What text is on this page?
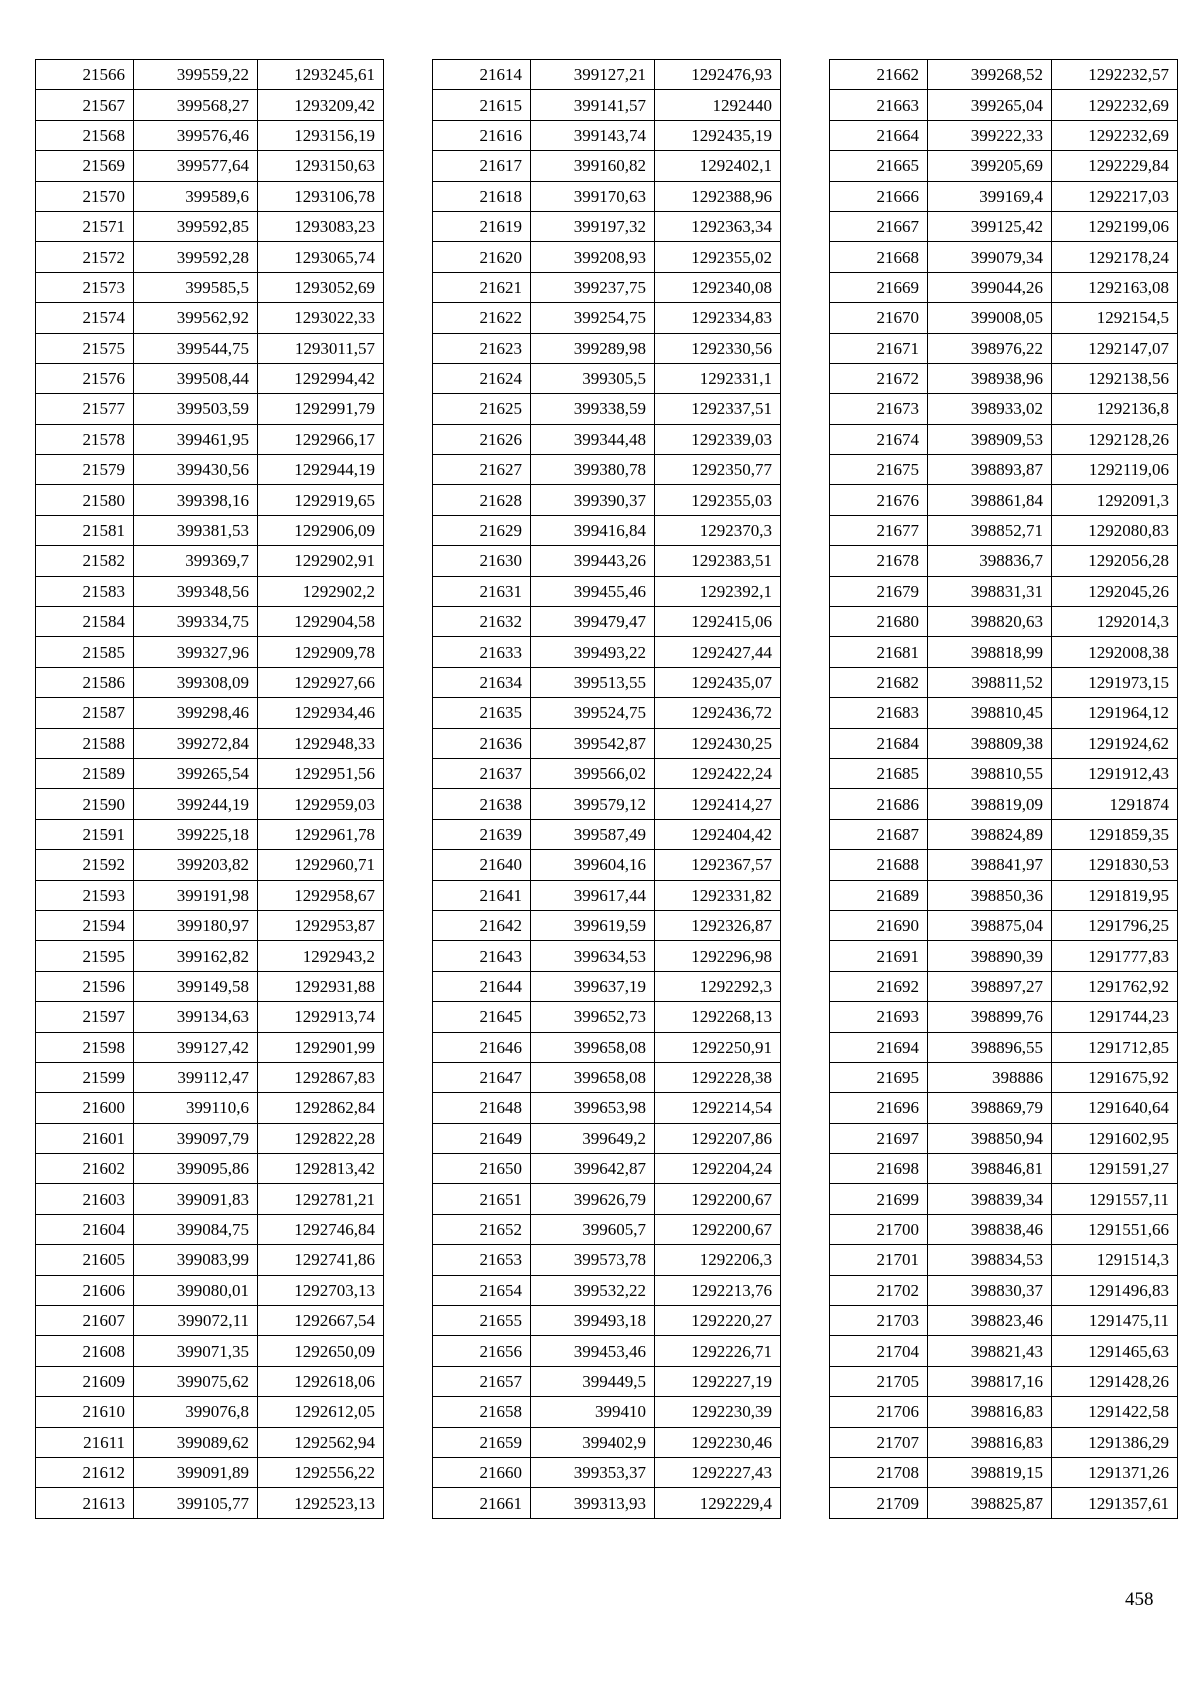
21566	399559,22	1293245,61
21567	399568,27	1293209,42
21568	399576,46	1293156,19
21569	399577,64	1293150,63
21570	399589,6	1293106,78
21571	399592,85	1293083,23
21572	399592,28	1293065,74
21573	399585,5	1293052,69
21574	399562,92	1293022,33
21575	399544,75	1293011,57
21576	399508,44	1292994,42
21577	399503,59	1292991,79
21578	399461,95	1292966,17
21579	399430,56	1292944,19
21580	399398,16	1292919,65
21581	399381,53	1292906,09
21582	399369,7	1292902,91
21583	399348,56	1292902,2
21584	399334,75	1292904,58
21585	399327,96	1292909,78
21586	399308,09	1292927,66
21587	399298,46	1292934,46
21588	399272,84	1292948,33
21589	399265,54	1292951,56
21590	399244,19	1292959,03
21591	399225,18	1292961,78
21592	399203,82	1292960,71
21593	399191,98	1292958,67
21594	399180,97	1292953,87
21595	399162,82	1292943,2
21596	399149,58	1292931,88
21597	399134,63	1292913,74
21598	399127,42	1292901,99
21599	399112,47	1292867,83
21600	399110,6	1292862,84
21601	399097,79	1292822,28
21602	399095,86	1292813,42
21603	399091,83	1292781,21
21604	399084,75	1292746,84
21605	399083,99	1292741,86
21606	399080,01	1292703,13
21607	399072,11	1292667,54
21608	399071,35	1292650,09
21609	399075,62	1292618,06
21610	399076,8	1292612,05
21611	399089,62	1292562,94
21612	399091,89	1292556,22
21613	399105,77	1292523,13
21614	399127,21	1292476,93
21615	399141,57	1292440
21616	399143,74	1292435,19
21617	399160,82	1292402,1
21618	399170,63	1292388,96
21619	399197,32	1292363,34
21620	399208,93	1292355,02
21621	399237,75	1292340,08
21622	399254,75	1292334,83
21623	399289,98	1292330,56
21624	399305,5	1292331,1
21625	399338,59	1292337,51
21626	399344,48	1292339,03
21627	399380,78	1292350,77
21628	399390,37	1292355,03
21629	399416,84	1292370,3
21630	399443,26	1292383,51
21631	399455,46	1292392,1
21632	399479,47	1292415,06
21633	399493,22	1292427,44
21634	399513,55	1292435,07
21635	399524,75	1292436,72
21636	399542,87	1292430,25
21637	399566,02	1292422,24
21638	399579,12	1292414,27
21639	399587,49	1292404,42
21640	399604,16	1292367,57
21641	399617,44	1292331,82
21642	399619,59	1292326,87
21643	399634,53	1292296,98
21644	399637,19	1292292,3
21645	399652,73	1292268,13
21646	399658,08	1292250,91
21647	399658,08	1292228,38
21648	399653,98	1292214,54
21649	399649,2	1292207,86
21650	399642,87	1292204,24
21651	399626,79	1292200,67
21652	399605,7	1292200,67
21653	399573,78	1292206,3
21654	399532,22	1292213,76
21655	399493,18	1292220,27
21656	399453,46	1292226,71
21657	399449,5	1292227,19
21658	399410	1292230,39
21659	399402,9	1292230,46
21660	399353,37	1292227,43
21661	399313,93	1292229,4
21662	399268,52	1292232,57
21663	399265,04	1292232,69
21664	399222,33	1292232,69
21665	399205,69	1292229,84
21666	399169,4	1292217,03
21667	399125,42	1292199,06
21668	399079,34	1292178,24
21669	399044,26	1292163,08
21670	399008,05	1292154,5
21671	398976,22	1292147,07
21672	398938,96	1292138,56
21673	398933,02	1292136,8
21674	398909,53	1292128,26
21675	398893,87	1292119,06
21676	398861,84	1292091,3
21677	398852,71	1292080,83
21678	398836,7	1292056,28
21679	398831,31	1292045,26
21680	398820,63	1292014,3
21681	398818,99	1292008,38
21682	398811,52	1291973,15
21683	398810,45	1291964,12
21684	398809,38	1291924,62
21685	398810,55	1291912,43
21686	398819,09	1291874
21687	398824,89	1291859,35
21688	398841,97	1291830,53
21689	398850,36	1291819,95
21690	398875,04	1291796,25
21691	398890,39	1291777,83
21692	398897,27	1291762,92
21693	398899,76	1291744,23
21694	398896,55	1291712,85
21695	398886	1291675,92
21696	398869,79	1291640,64
21697	398850,94	1291602,95
21698	398846,81	1291591,27
21699	398839,34	1291557,11
21700	398838,46	1291551,66
21701	398834,53	1291514,3
21702	398830,37	1291496,83
21703	398823,46	1291475,11
21704	398821,43	1291465,63
21705	398817,16	1291428,26
21706	398816,83	1291422,58
21707	398816,83	1291386,29
21708	398819,15	1291371,26
21709	398825,87	1291357,61
458
